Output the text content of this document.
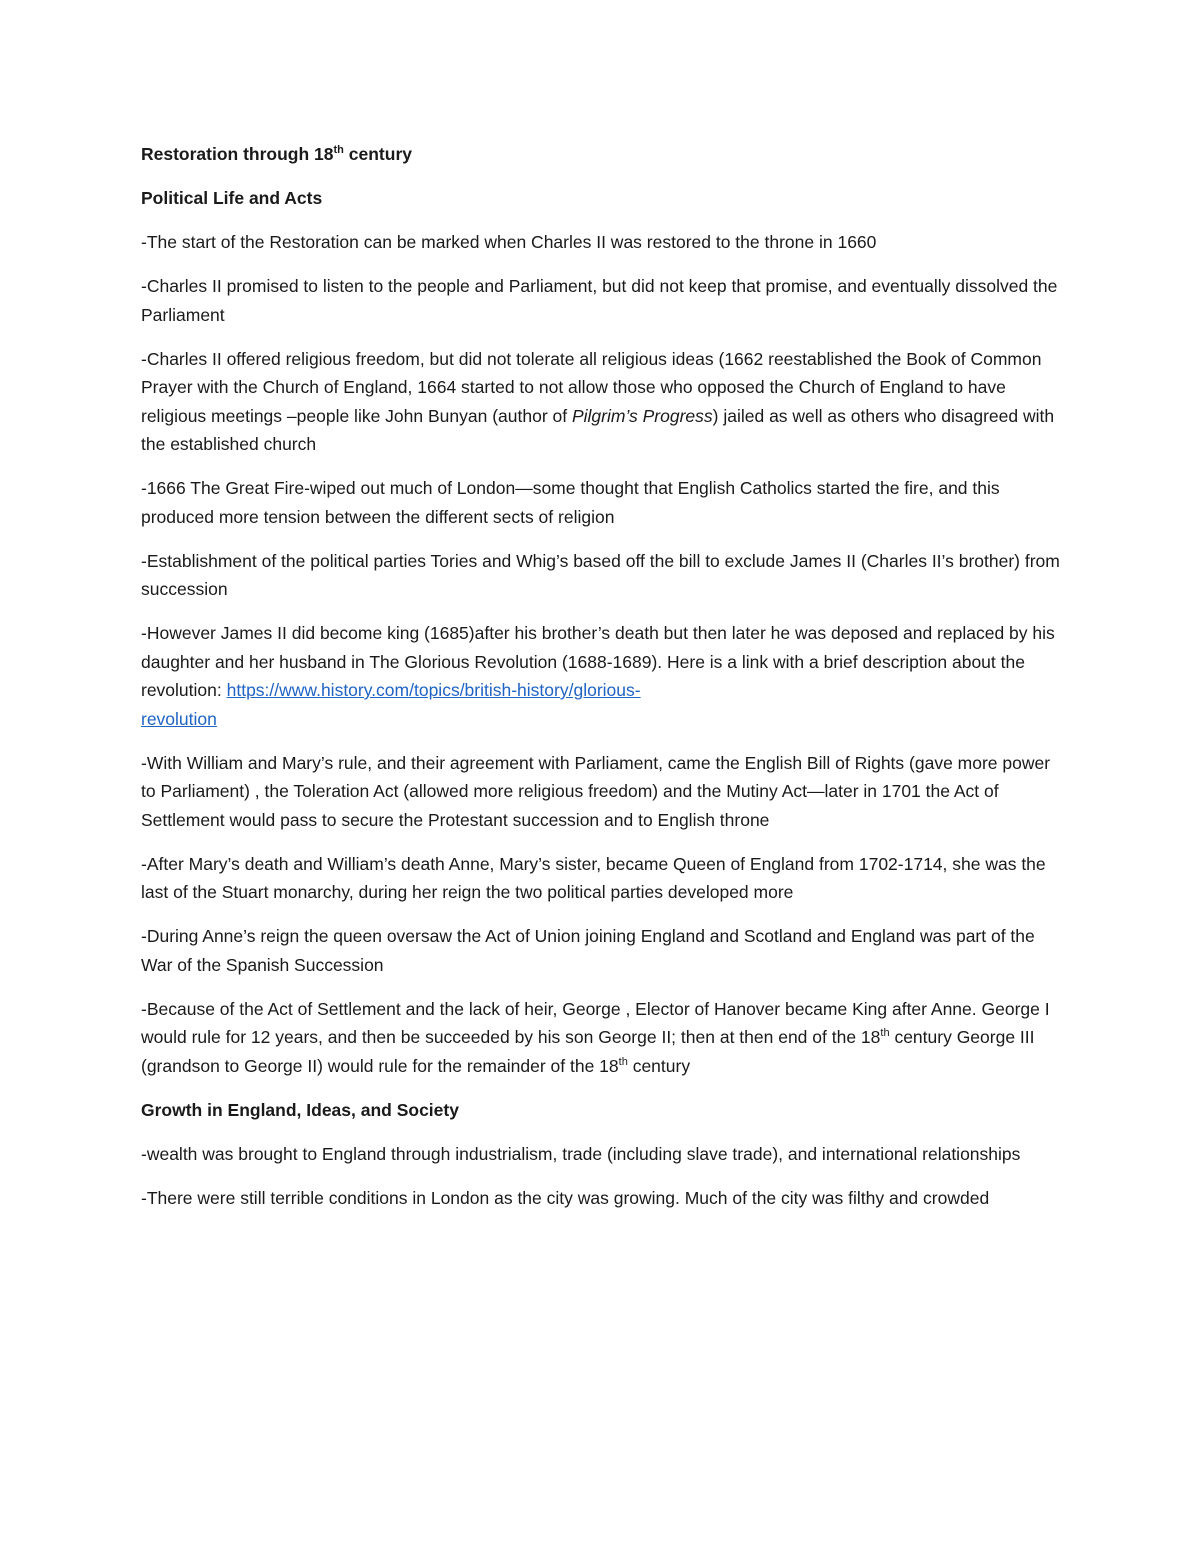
Restoration through 18th century

Political Life and Acts

-The start of the Restoration can be marked when Charles II was restored to the throne in 1660

-Charles II promised to listen to the people and Parliament, but did not keep that promise, and eventually dissolved the Parliament

-Charles II offered religious freedom, but did not tolerate all religious ideas (1662 reestablished the Book of Common Prayer with the Church of England, 1664 started to not allow those who opposed the Church of England to have religious meetings –people like John Bunyan (author of Pilgrim’s Progress) jailed as well as others who disagreed with the established church

-1666 The Great Fire-wiped out much of London—some thought that English Catholics started the fire, and this produced more tension between the different sects of religion

-Establishment of the political parties Tories and Whig’s based off the bill to exclude James II (Charles II’s brother) from succession

-However James II did become king (1685)after his brother’s death but then later he was deposed and replaced by his daughter and her husband in The Glorious Revolution (1688-1689). Here is a link with a brief description about the revolution: https://www.history.com/topics/british-history/glorious-
revolution

-With William and Mary’s rule, and their agreement with Parliament, came the English Bill of Rights (gave more power to Parliament) , the Toleration Act (allowed more religious freedom) and the Mutiny Act—later in 1701 the Act of Settlement would pass to secure the Protestant succession and to English throne

-After Mary’s death and William’s death Anne, Mary’s sister, became Queen of England from 1702-1714, she was the last of the Stuart monarchy, during her reign the two political parties developed more

-During Anne’s reign the queen oversaw the Act of Union joining England and Scotland and England was part of the War of the Spanish Succession

-Because of the Act of Settlement and the lack of heir, George , Elector of Hanover became King after Anne. George I would rule for 12 years, and then be succeeded by his son George II; then at then end of the 18th century George III (grandson to George II) would rule for the remainder of the 18th century

Growth in England, Ideas, and Society

-wealth was brought to England through industrialism, trade (including slave trade), and international relationships

-There were still terrible conditions in London as the city was growing. Much of the city was filthy and crowded
